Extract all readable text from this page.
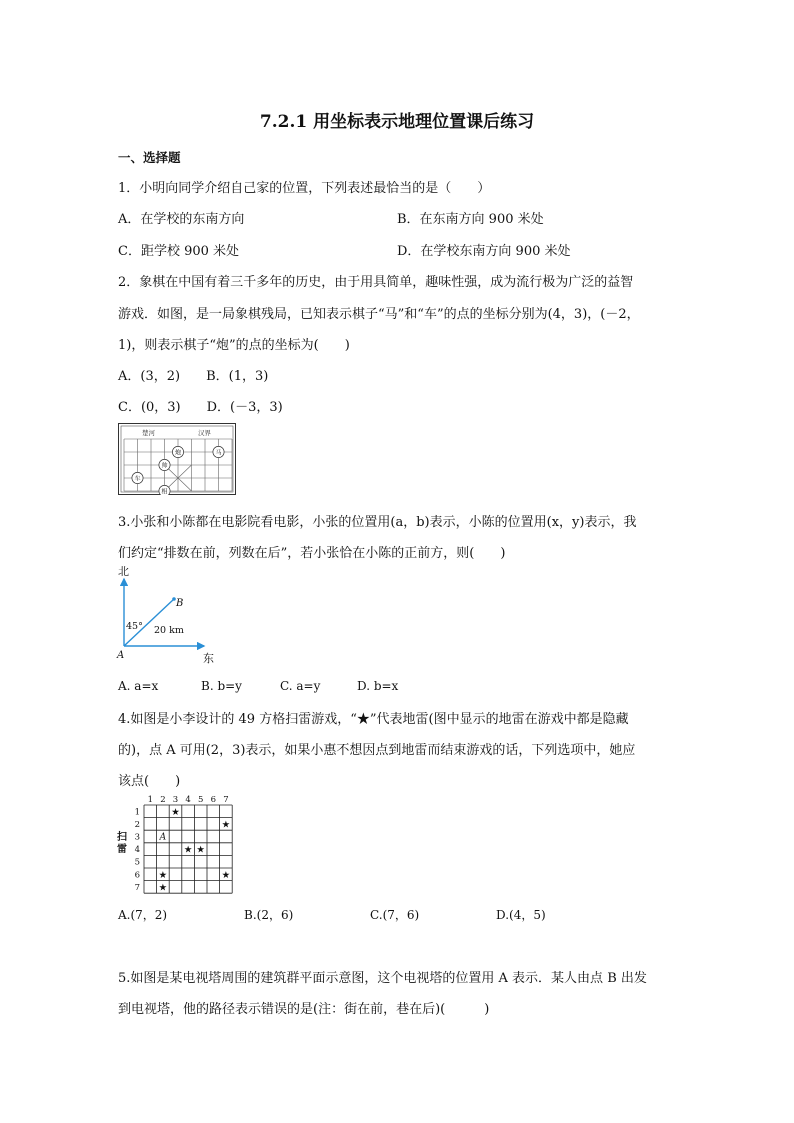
7.2.1 用坐标表示地理位置课后练习
一、选择题
1．小明向同学介绍自己家的位置，下列表述最恰当的是（　　）
A．在学校的东南方向	B．在东南方向 900 米处
C．距学校 900 米处	D．在学校东南方向 900 米处
2．象棋在中国有着三千多年的历史，由于用具简单，趣味性强，成为流行极为广泛的益智
游戏．如图，是一局象棋残局，已知表示棋子“马”和“车”的点的坐标分别为(4，3)，(－2，
1)，则表示棋子“炮”的点的坐标为(　　)
A．(3，2)　　B．(1，3)
C．(0，3)　　D．(－3，3)
楚河	汉界
炮	马
帅
车
相
3.小张和小陈都在电影院看电影，小张的位置用(a，b)表示，小陈的位置用(x，y)表示，我
们约定“排数在前，列数在后”，若小张恰在小陈的正前方，则(　　)
北
B
45° 20 km
A	东
A. a=x	B. b=y	C. a=y	D. b=x
4.如图是小李设计的 49 方格扫雷游戏，“★”代表地雷(图中显示的地雷在游戏中都是隐藏
的)，点 A 可用(2，3)表示，如果小惠不想因点到地雷而结束游戏的话，下列选项中，她应
该点(　　)
1 2 3 4 5 6 7
1
2
3
4
5
6
7
扫
雷
★
★
★ ★
★	★
★
A
A.(7，2)	B.(2，6)	C.(7，6)	D.(4，5)
5.如图是某电视塔周围的建筑群平面示意图，这个电视塔的位置用 A 表示．某人由点 B 出发
到电视塔，他的路径表示错误的是(注：街在前，巷在后)(　　　)
